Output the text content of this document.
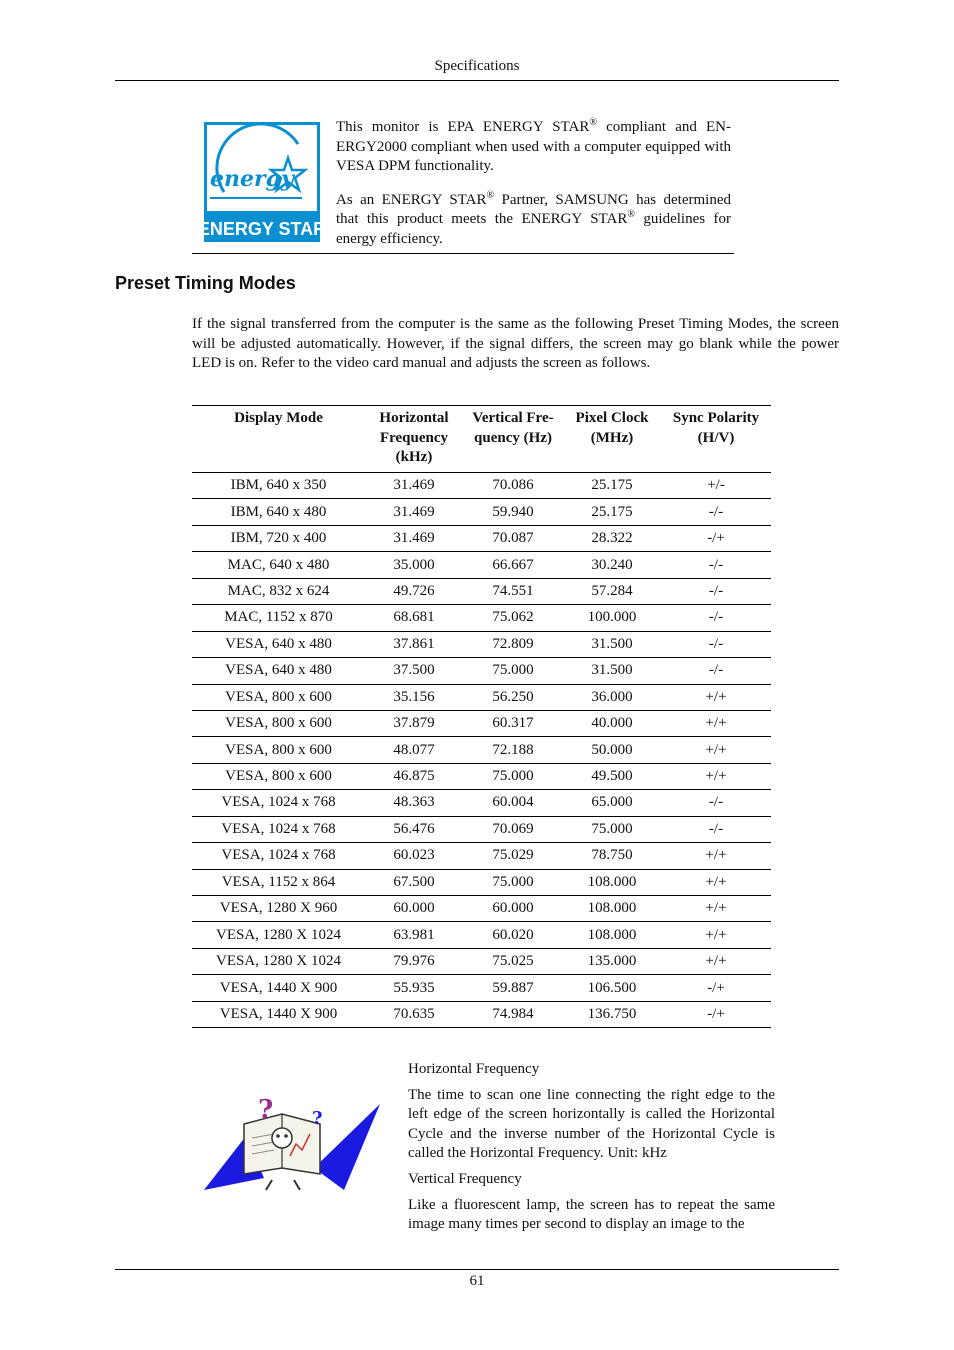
Specifications
energy
ENERGY STAR

This monitor is EPA ENERGY STAR® compliant and EN-ERGY2000 compliant when used with a computer equipped with VESA DPM functionality.

As an ENERGY STAR® Partner, SAMSUNG has determined that this product meets the ENERGY STAR® guidelines for energy efficiency.

Preset Timing Modes

If the signal transferred from the computer is the same as the following Preset Timing Modes, the screen will be adjusted automatically. However, if the signal differs, the screen may go blank while the power LED is on. Refer to the video card manual and adjusts the screen as follows.

Display Mode	Horizontal Frequency (kHz)	Vertical Fre-quency (Hz)	Pixel Clock (MHz)	Sync Polarity (H/V)
IBM, 640 x 350	31.469	70.086	25.175	+/-
IBM, 640 x 480	31.469	59.940	25.175	-/-
IBM, 720 x 400	31.469	70.087	28.322	-/+
MAC, 640 x 480	35.000	66.667	30.240	-/-
MAC, 832 x 624	49.726	74.551	57.284	-/-
MAC, 1152 x 870	68.681	75.062	100.000	-/-
VESA, 640 x 480	37.861	72.809	31.500	-/-
VESA, 640 x 480	37.500	75.000	31.500	-/-
VESA, 800 x 600	35.156	56.250	36.000	+/+
VESA, 800 x 600	37.879	60.317	40.000	+/+
VESA, 800 x 600	48.077	72.188	50.000	+/+
VESA, 800 x 600	46.875	75.000	49.500	+/+
VESA, 1024 x 768	48.363	60.004	65.000	-/-
VESA, 1024 x 768	56.476	70.069	75.000	-/-
VESA, 1024 x 768	60.023	75.029	78.750	+/+
VESA, 1152 x 864	67.500	75.000	108.000	+/+
VESA, 1280 X 960	60.000	60.000	108.000	+/+
VESA, 1280 X 1024	63.981	60.020	108.000	+/+
VESA, 1280 X 1024	79.976	75.025	135.000	+/+
VESA, 1440 X 900	55.935	59.887	106.500	-/+
VESA, 1440 X 900	70.635	74.984	136.750	-/+
? ?

Horizontal Frequency

The time to scan one line connecting the right edge to the left edge of the screen horizontally is called the Horizontal Cycle and the inverse number of the Horizontal Cycle is called the Horizontal Frequency. Unit: kHz

Vertical Frequency

Like a fluorescent lamp, the screen has to repeat the same image many times per second to display an image to the

61
